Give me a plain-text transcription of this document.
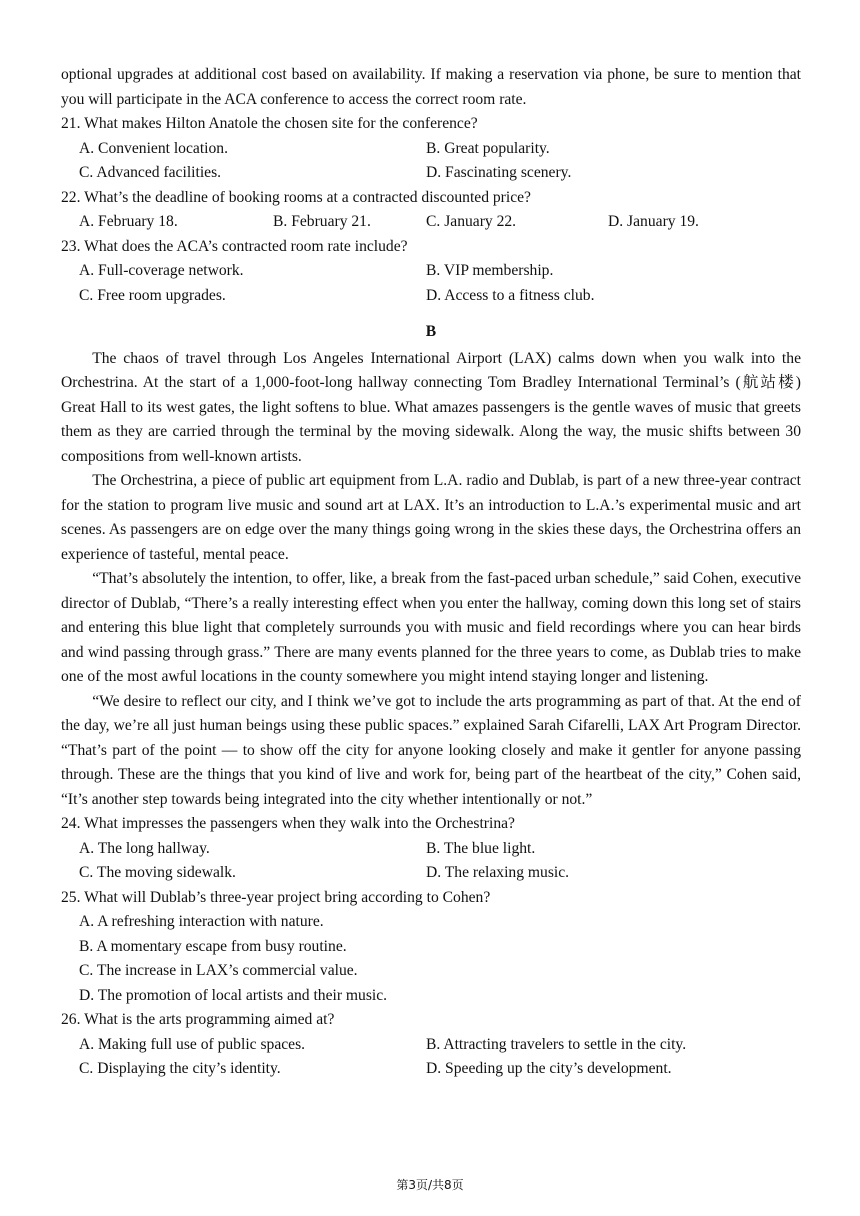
optional upgrades at additional cost based on availability. If making a reservation via phone, be sure to mention that you will participate in the ACA conference to access the correct room rate.

21. What makes Hilton Anatole the chosen site for the conference?
A. Convenient location.	B. Great popularity.
C. Advanced facilities.	D. Fascinating scenery.
22. What’s the deadline of booking rooms at a contracted discounted price?
A. February 18.	B. February 21.	C. January 22.	D. January 19.
23. What does the ACA’s contracted room rate include?
A. Full-coverage network.	B. VIP membership.
C. Free room upgrades.	D. Access to a fitness club.
B

The chaos of travel through Los Angeles International Airport (LAX) calms down when you walk into the Orchestrina. At the start of a 1,000-foot-long hallway connecting Tom Bradley International Terminal’s (航站楼) Great Hall to its west gates, the light softens to blue. What amazes passengers is the gentle waves of music that greets them as they are carried through the terminal by the moving sidewalk. Along the way, the music shifts between 30 compositions from well-known artists.

The Orchestrina, a piece of public art equipment from L.A. radio and Dublab, is part of a new three-year contract for the station to program live music and sound art at LAX. It’s an introduction to L.A.’s experimental music and art scenes. As passengers are on edge over the many things going wrong in the skies these days, the Orchestrina offers an experience of tasteful, mental peace.

“That’s absolutely the intention, to offer, like, a break from the fast-paced urban schedule,” said Cohen, executive director of Dublab, “There’s a really interesting effect when you enter the hallway, coming down this long set of stairs and entering this blue light that completely surrounds you with music and field recordings where you can hear birds and wind passing through grass.” There are many events planned for the three years to come, as Dublab tries to make one of the most awful locations in the county somewhere you might intend staying longer and listening.

“We desire to reflect our city, and I think we’ve got to include the arts programming as part of that. At the end of the day, we’re all just human beings using these public spaces.” explained Sarah Cifarelli, LAX Art Program Director. “That’s part of the point — to show off the city for anyone looking closely and make it gentler for anyone passing through. These are the things that you kind of live and work for, being part of the heartbeat of the city,” Cohen said, “It’s another step towards being integrated into the city whether intentionally or not.”

24. What impresses the passengers when they walk into the Orchestrina?
A. The long hallway.	B. The blue light.
C. The moving sidewalk.	D. The relaxing music.
25. What will Dublab’s three-year project bring according to Cohen?
A. A refreshing interaction with nature.
B. A momentary escape from busy routine.
C. The increase in LAX’s commercial value.
D. The promotion of local artists and their music.
26. What is the arts programming aimed at?
A. Making full use of public spaces.	B. Attracting travelers to settle in the city.
C. Displaying the city’s identity.	D. Speeding up the city’s development.
第3页/共8页
